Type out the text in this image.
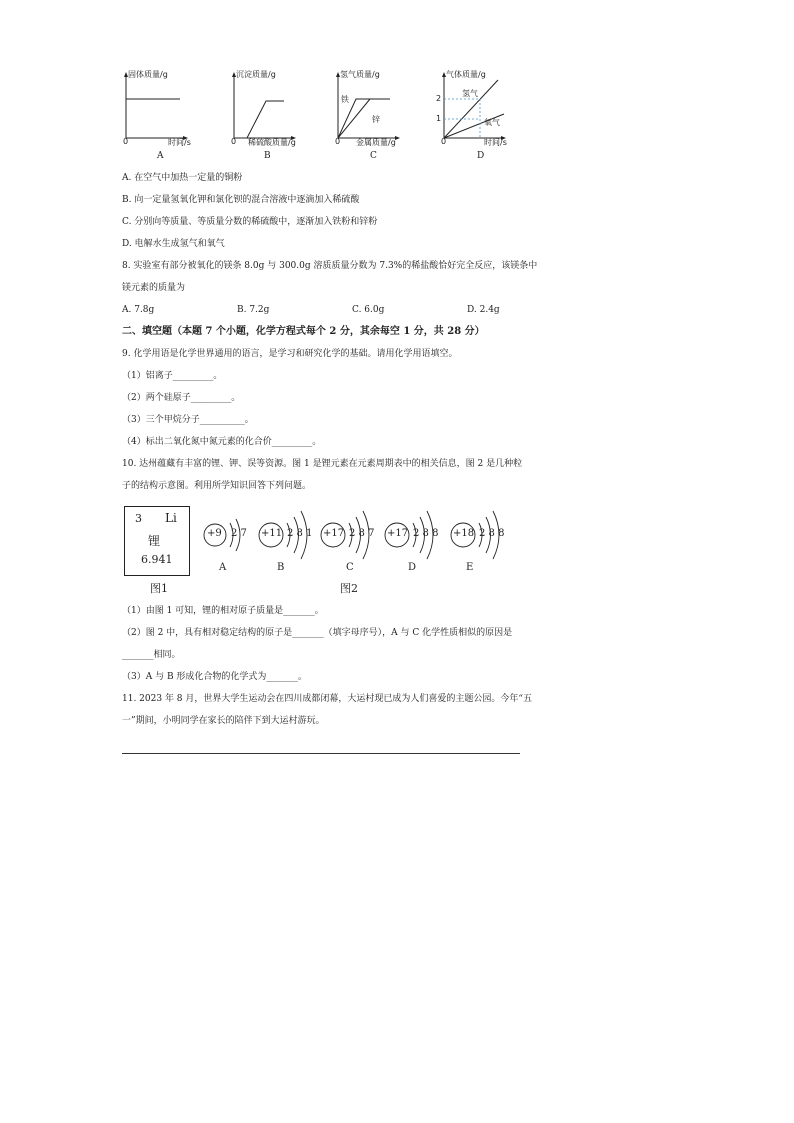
固体质量/g
时间/s
0
A
沉淀质量/g
稀硫酸质量/g
0
B
氢气质量/g
铁
锌
金属质量/g
0
C
气体质量/g
2
1
氢气
氧气
时间/s
0
D
A. 在空气中加热一定量的铜粉
B. 向一定量氢氧化钾和氯化钡的混合溶液中逐滴加入稀硫酸
C. 分别向等质量、等质量分数的稀硫酸中，逐渐加入铁粉和锌粉
D. 电解水生成氢气和氧气
8. 实验室有部分被氧化的镁条 8.0g 与 300.0g 溶质质量分数为 7.3%的稀盐酸恰好完全反应，该镁条中
镁元素的质量为
A. 7.8g	B. 7.2g	C. 6.0g	D. 2.4g
二、填空题（本题 7 个小题，化学方程式每个 2 分，其余每空 1 分，共 28 分）
9. 化学用语是化学世界通用的语言，是学习和研究化学的基础。请用化学用语填空。
（1）铝离子_________。
（2）两个硅原子_________。
（3）三个甲烷分子__________。
（4）标出二氧化氮中氮元素的化合价_________。
10. 达州蕴藏有丰富的锂、钾、误等资源。图 1 是锂元素在元素周期表中的相关信息，图 2 是几种粒
子的结构示意图。利用所学知识回答下列问题。
3 Li
锂
6.941
图1
+9 2 7
A
+11 2 8 1
B
+17 2 8 7
C
+17 2 8 8
D
+18 2 8 8
E
图2
（1）由图 1 可知，锂的相对原子质量是_______。
（2）图 2 中，具有相对稳定结构的原子是_______（填字母序号），A 与 C 化学性质相似的原因是
_______相同。
（3）A 与 B 形成化合物的化学式为_______。
11. 2023 年 8 月，世界大学生运动会在四川成都闭幕，大运村现已成为人们喜爱的主题公园。今年“五
一”期间，小明同学在家长的陪伴下到大运村游玩。
